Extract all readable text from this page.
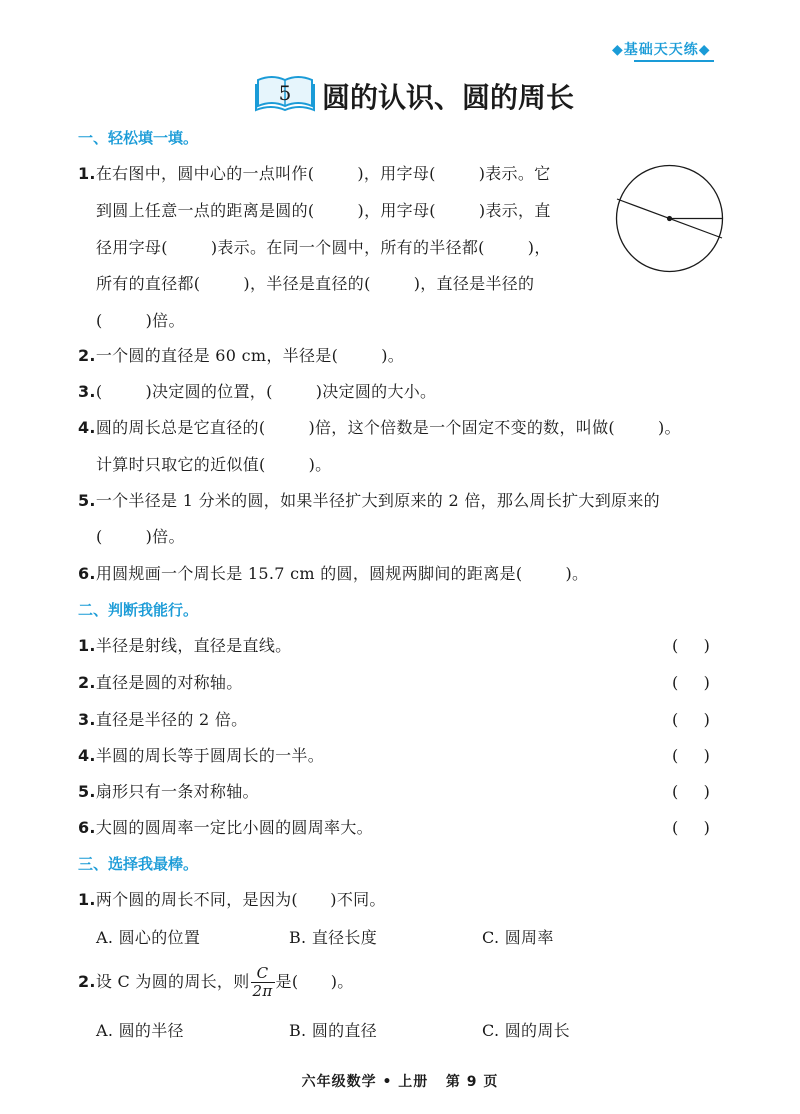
◆基础天天练◆
5 圆的认识、圆的周长
一、轻松填一填。
1.在右图中，圆中心的一点叫作(        )，用字母(        )表示。它
到圆上任意一点的距离是圆的(        )，用字母(        )表示，直
径用字母(        )表示。在同一个圆中，所有的半径都(        )，
所有的直径都(        )，半径是直径的(        )，直径是半径的
(        )倍。
2.一个圆的直径是 60 cm，半径是(        )。
3.(        )决定圆的位置，(        )决定圆的大小。
4.圆的周长总是它直径的(        )倍，这个倍数是一个固定不变的数，叫做(        )。
计算时只取它的近似值(        )。
5.一个半径是 1 分米的圆，如果半径扩大到原来的 2 倍，那么周长扩大到原来的
(        )倍。
6.用圆规画一个周长是 15.7 cm 的圆，圆规两脚间的距离是(        )。
二、判断我能行。
1.半径是射线，直径是直线。	(     )
2.直径是圆的对称轴。	(     )
3.直径是半径的 2 倍。	(     )
4.半圆的周长等于圆周长的一半。	(     )
5.扇形只有一条对称轴。	(     )
6.大圆的圆周率一定比小圆的圆周率大。	(     )
三、选择我最棒。
1.两个圆的周长不同，是因为(      )不同。
A. 圆心的位置	B. 直径长度	C. 圆周率
2.设 C 为圆的周长，则 $\frac{C}{2\pi}$ 是(      )。
A. 圆的半径	B. 圆的直径	C. 圆的周长
六年级数学 • 上册   第 9 页
